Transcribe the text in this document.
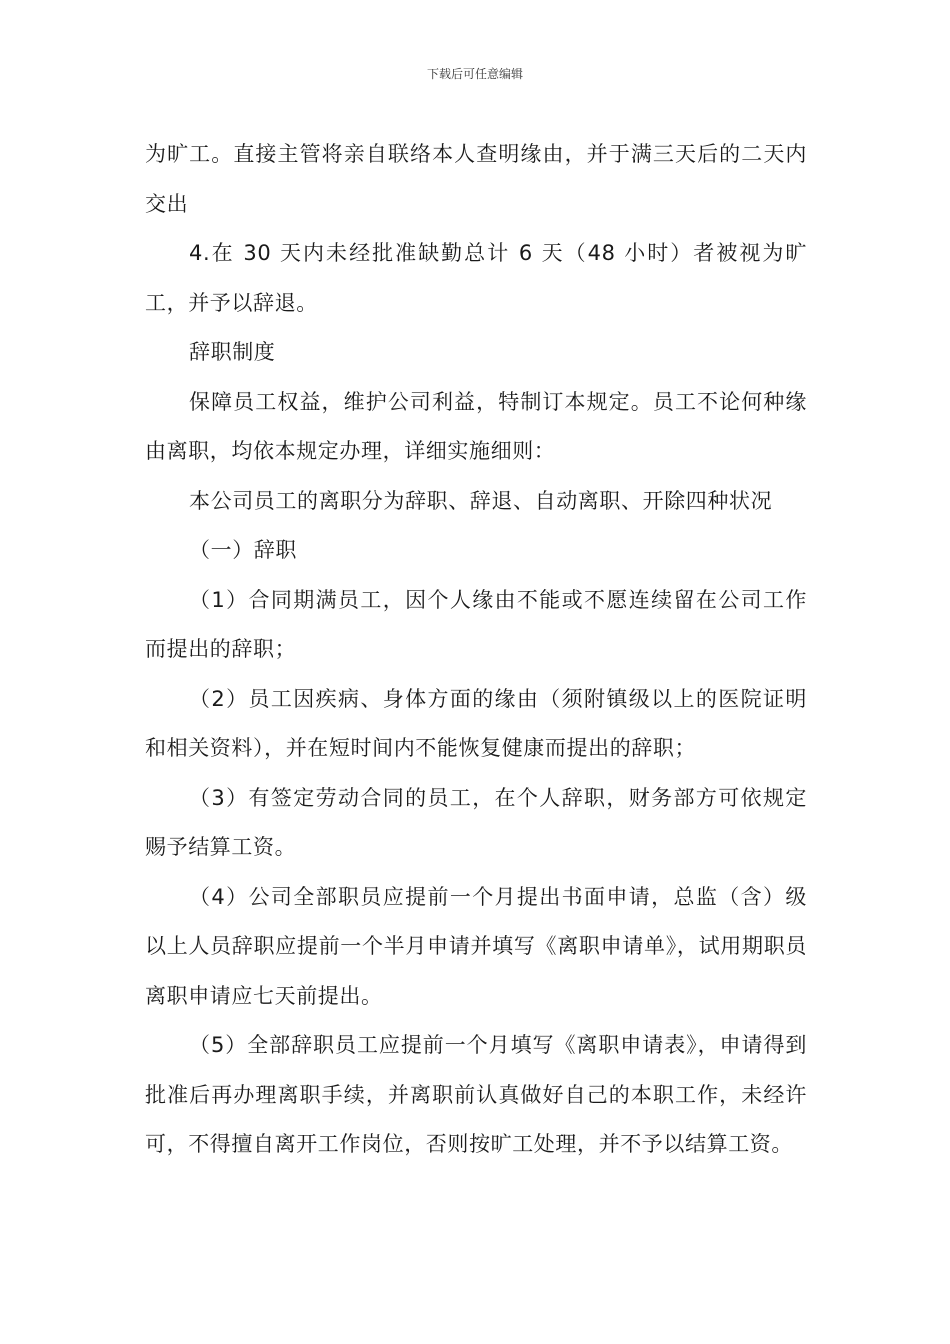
下载后可任意编辑

为旷工。直接主管将亲自联络本人查明缘由，并于满三天后的二天内交出

4.在 30 天内未经批准缺勤总计 6 天（48 小时）者被视为旷工，并予以辞退。

辞职制度

保障员工权益，维护公司利益，特制订本规定。员工不论何种缘由离职，均依本规定办理，详细实施细则：

本公司员工的离职分为辞职、辞退、自动离职、开除四种状况

（一）辞职

（1）合同期满员工，因个人缘由不能或不愿连续留在公司工作而提出的辞职；

（2）员工因疾病、身体方面的缘由（须附镇级以上的医院证明和相关资料），并在短时间内不能恢复健康而提出的辞职；

（3）有签定劳动合同的员工，在个人辞职，财务部方可依规定赐予结算工资。

（4）公司全部职员应提前一个月提出书面申请，总监（含）级以上人员辞职应提前一个半月申请并填写《离职申请单》，试用期职员离职申请应七天前提出。

（5）全部辞职员工应提前一个月填写《离职申请表》，申请得到批准后再办理离职手续，并离职前认真做好自己的本职工作，未经许可，不得擅自离开工作岗位，否则按旷工处理，并不予以结算工资。
